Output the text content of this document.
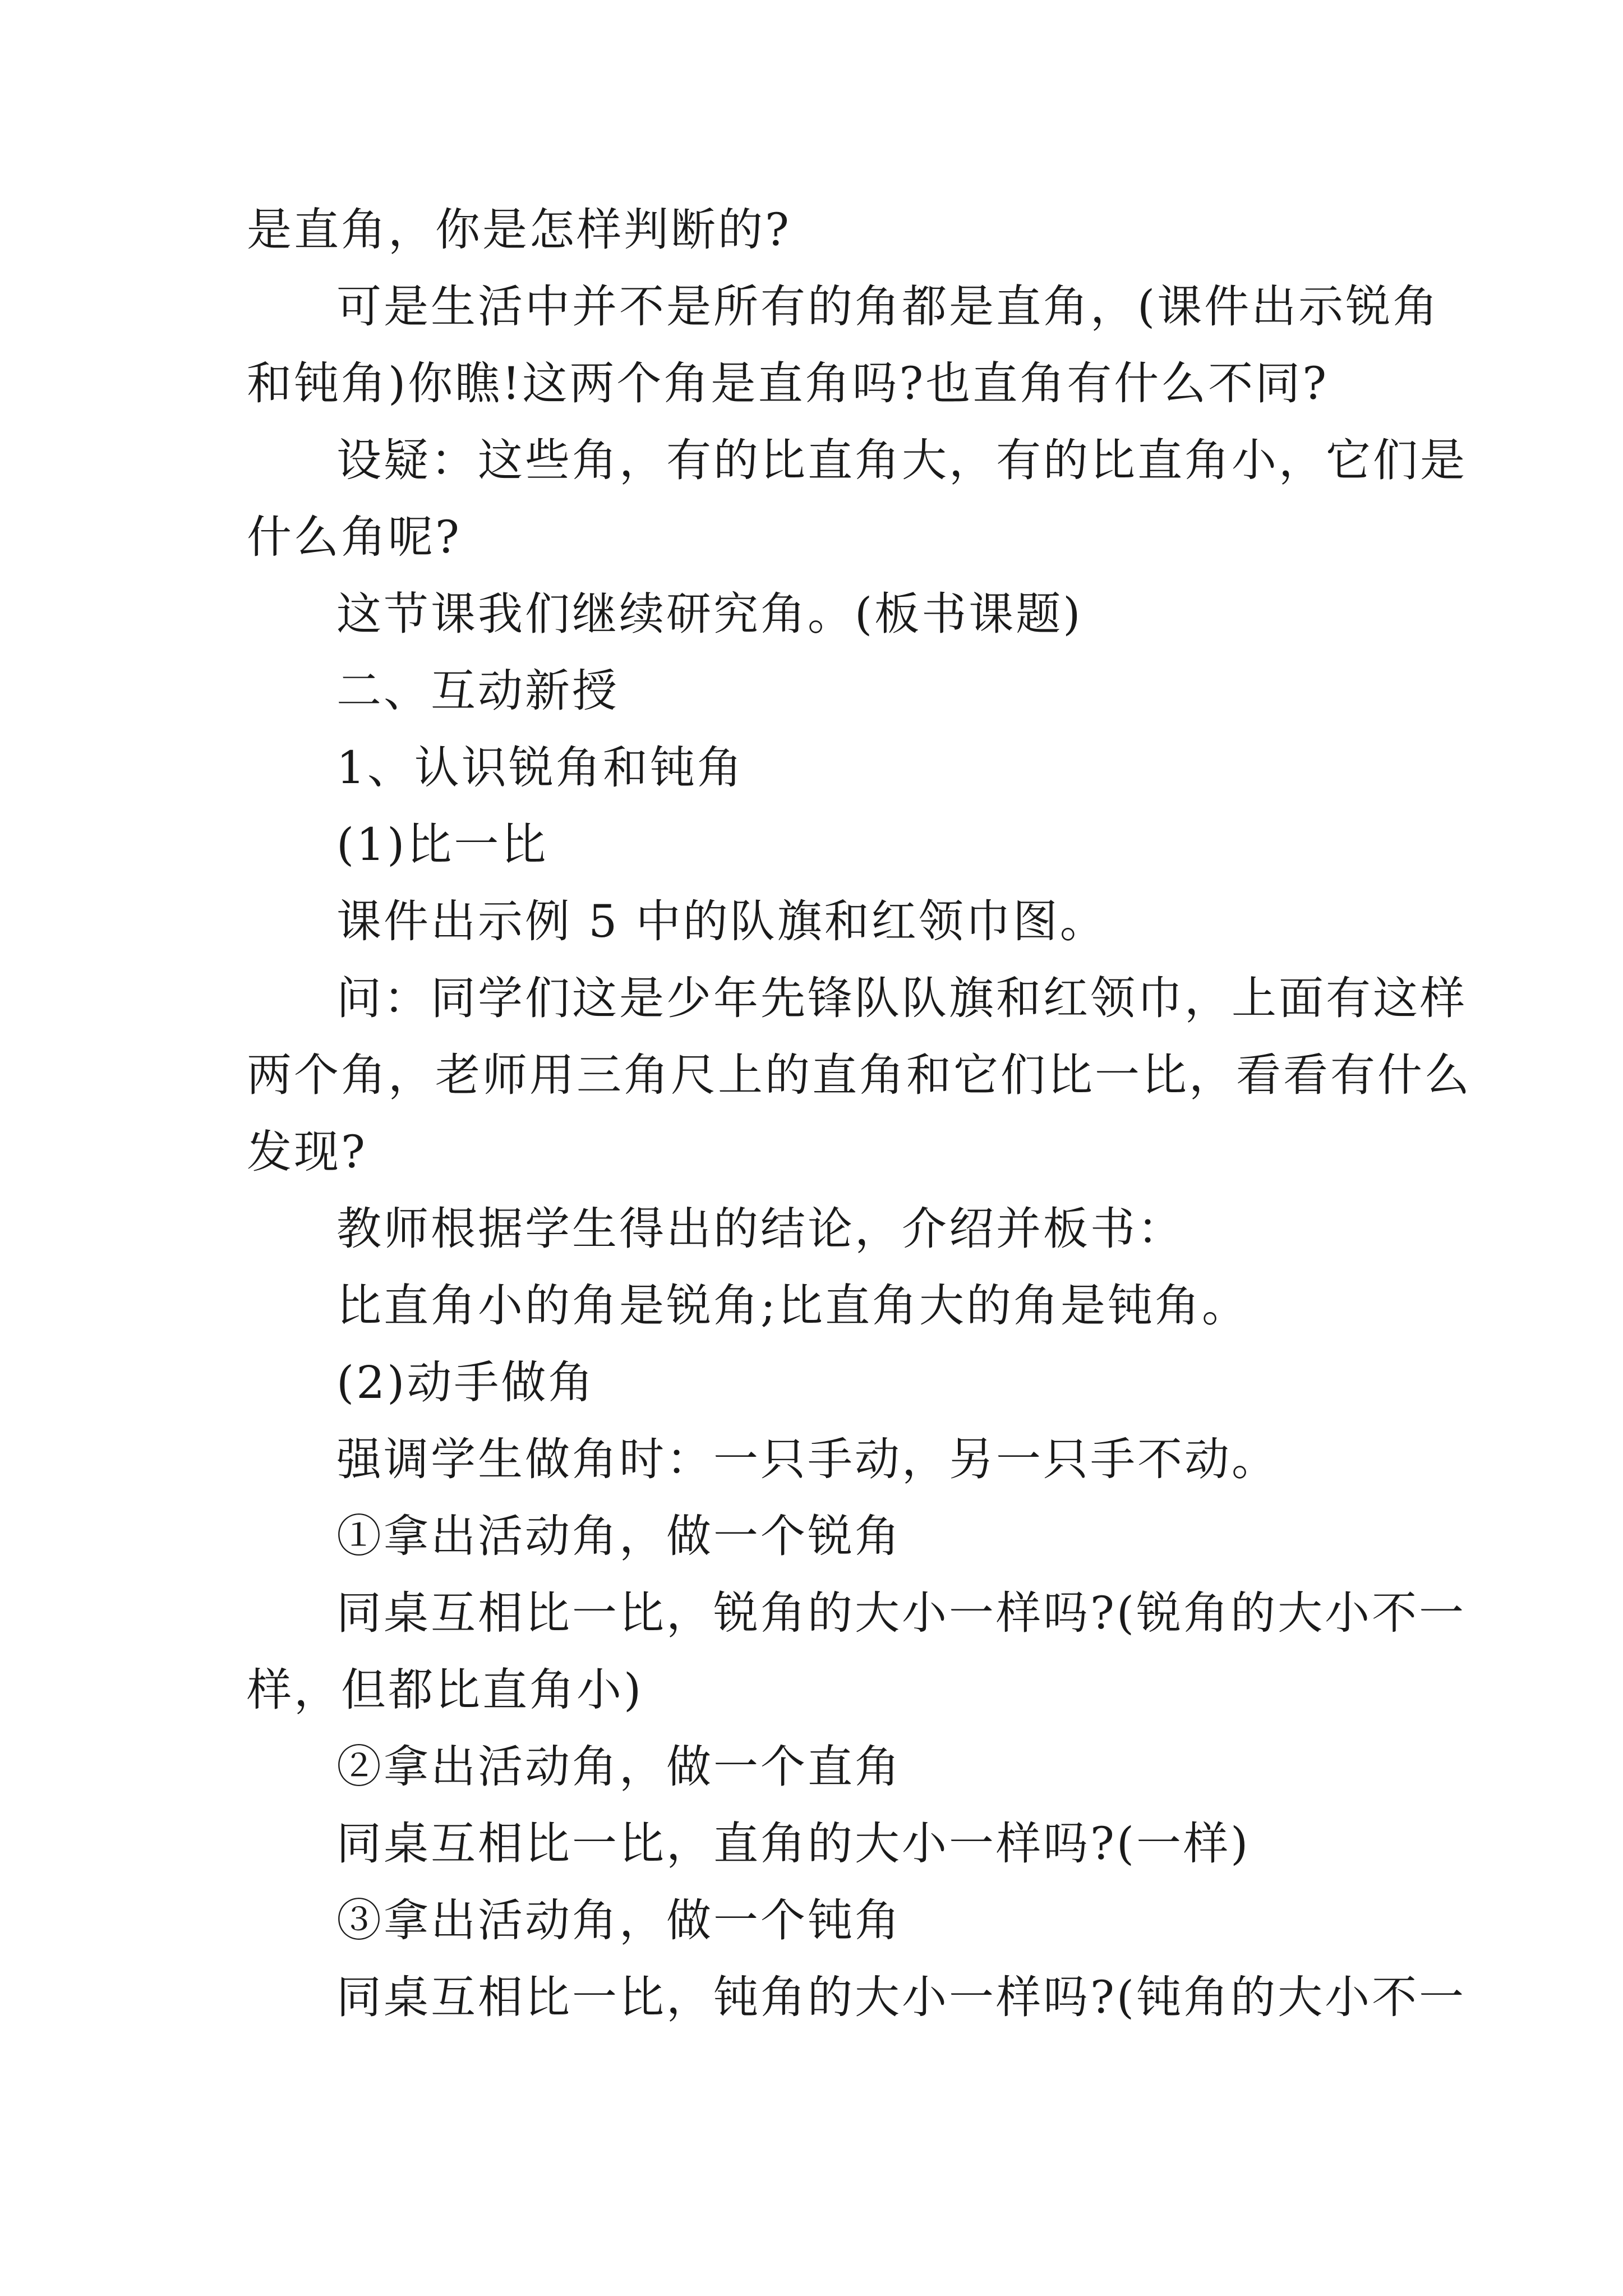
是直角，你是怎样判断的?
可是生活中并不是所有的角都是直角，(课件出示锐角
和钝角)你瞧!这两个角是直角吗?也直角有什么不同?
设疑：这些角，有的比直角大，有的比直角小，它们是
什么角呢?
这节课我们继续研究角。(板书课题)
二、互动新授
1、认识锐角和钝角
(1)比一比
课件出示例 5 中的队旗和红领巾图。
问：同学们这是少年先锋队队旗和红领巾，上面有这样
两个角，老师用三角尺上的直角和它们比一比，看看有什么
发现?
教师根据学生得出的结论，介绍并板书：
比直角小的角是锐角;比直角大的角是钝角。
(2)动手做角
强调学生做角时：一只手动，另一只手不动。
①拿出活动角，做一个锐角
同桌互相比一比，锐角的大小一样吗?(锐角的大小不一
样，但都比直角小)
②拿出活动角，做一个直角
同桌互相比一比，直角的大小一样吗?(一样)
③拿出活动角，做一个钝角
同桌互相比一比，钝角的大小一样吗?(钝角的大小不一
